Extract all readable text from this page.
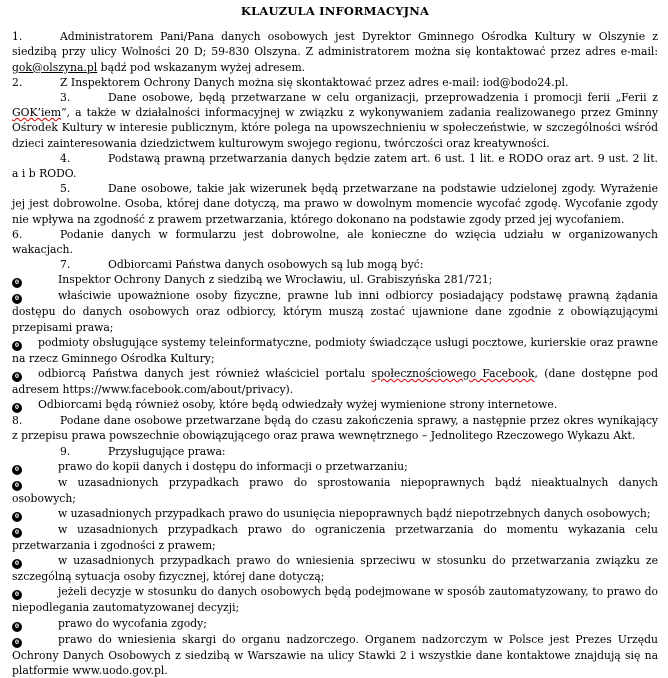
KLAUZULA INFORMACYJNA

1.	Administratorem Pani/Pana danych osobowych jest Dyrektor Gminnego Ośrodka Kultury w Olszynie z siedzibą przy ulicy Wolności 20 D; 59-830 Olszyna. Z administratorem można się kontaktować przez adres e-mail: gok@olszyna.pl bądź pod wskazanym wyżej adresem.

2.	Z Inspektorem Ochrony Danych można się skontaktować przez adres e-mail: iod@bodo24.pl.

3.	Dane osobowe, będą przetwarzane w celu organizacji, przeprowadzenia i promocji ferii „Ferii z GOK’iem”, a także w działalności informacyjnej w związku z wykonywaniem zadania realizowanego przez Gminny Ośrodek Kultury w interesie publicznym, które polega na upowszechnieniu w społeczeństwie, w szczególności wśród dzieci zainteresowania dziedzictwem kulturowym swojego regionu, twórczości oraz kreatywności.

4.	Podstawą prawną przetwarzania danych będzie zatem art. 6 ust. 1 lit. e RODO oraz art. 9 ust. 2 lit. a i b RODO.

5.	Dane osobowe, takie jak wizerunek będą przetwarzane na podstawie udzielonej zgody. Wyrażenie jej jest dobrowolne. Osoba, której dane dotyczą, ma prawo w dowolnym momencie wycofać zgodę. Wycofanie zgody nie wpływa na zgodność z prawem przetwarzania, którego dokonano na podstawie zgody przed jej wycofaniem.

6.	Podanie danych w formularzu jest dobrowolne, ale konieczne do wzięcia udziału w organizowanych wakacjach.

7.	Odbiorcami Państwa danych osobowych są lub mogą być:

0	Inspektor Ochrony Danych z siedzibą we Wrocławiu, ul. Grabiszyńska 281/721;

0	właściwie upoważnione osoby fizyczne, prawne lub inni odbiorcy posiadający podstawę prawną żądania dostępu do danych osobowych oraz odbiorcy, którym muszą zostać ujawnione dane zgodnie z obowiązującymi przepisami prawa;

0 podmioty obsługujące systemy teleinformatyczne, podmioty świadczące usługi pocztowe, kurierskie oraz prawne na rzecz Gminnego Ośrodka Kultury;

0 odbiorcą Państwa danych jest również właściciel portalu społecznościowego Facebook, (dane dostępne pod adresem https://www.facebook.com/about/privacy).

0 Odbiorcami będą również osoby, które będą odwiedzały wyżej wymienione strony internetowe.

8.	Podane dane osobowe przetwarzane będą do czasu zakończenia sprawy, a następnie przez okres wynikający z przepisu prawa powszechnie obowiązującego oraz prawa wewnętrznego – Jednolitego Rzeczowego Wykazu Akt.

9.	Przysługujące prawa:

0	prawo do kopii danych i dostępu do informacji o przetwarzaniu;

0	w uzasadnionych przypadkach prawo do sprostowania niepoprawnych bądź nieaktualnych danych osobowych;

0	w uzasadnionych przypadkach prawo do usunięcia niepoprawnych bądź niepotrzebnych danych osobowych;

0	w uzasadnionych przypadkach prawo do ograniczenia przetwarzania do momentu wykazania celu przetwarzania i zgodności z prawem;

0	w uzasadnionych przypadkach prawo do wniesienia sprzeciwu w stosunku do przetwarzania związku ze szczególną sytuacja osoby fizycznej, której dane dotyczą;

0	jeżeli decyzje w stosunku do danych osobowych będą podejmowane w sposób zautomatyzowany, to prawo do niepodlegania zautomatyzowanej decyzji;

0	prawo do wycofania zgody;

0	prawo do wniesienia skargi do organu nadzorczego. Organem nadzorczym w Polsce jest Prezes Urzędu Ochrony Danych Osobowych z siedzibą w Warszawie na ulicy Stawki 2 i wszystkie dane kontaktowe znajdują się na platformie www.uodo.gov.pl.
